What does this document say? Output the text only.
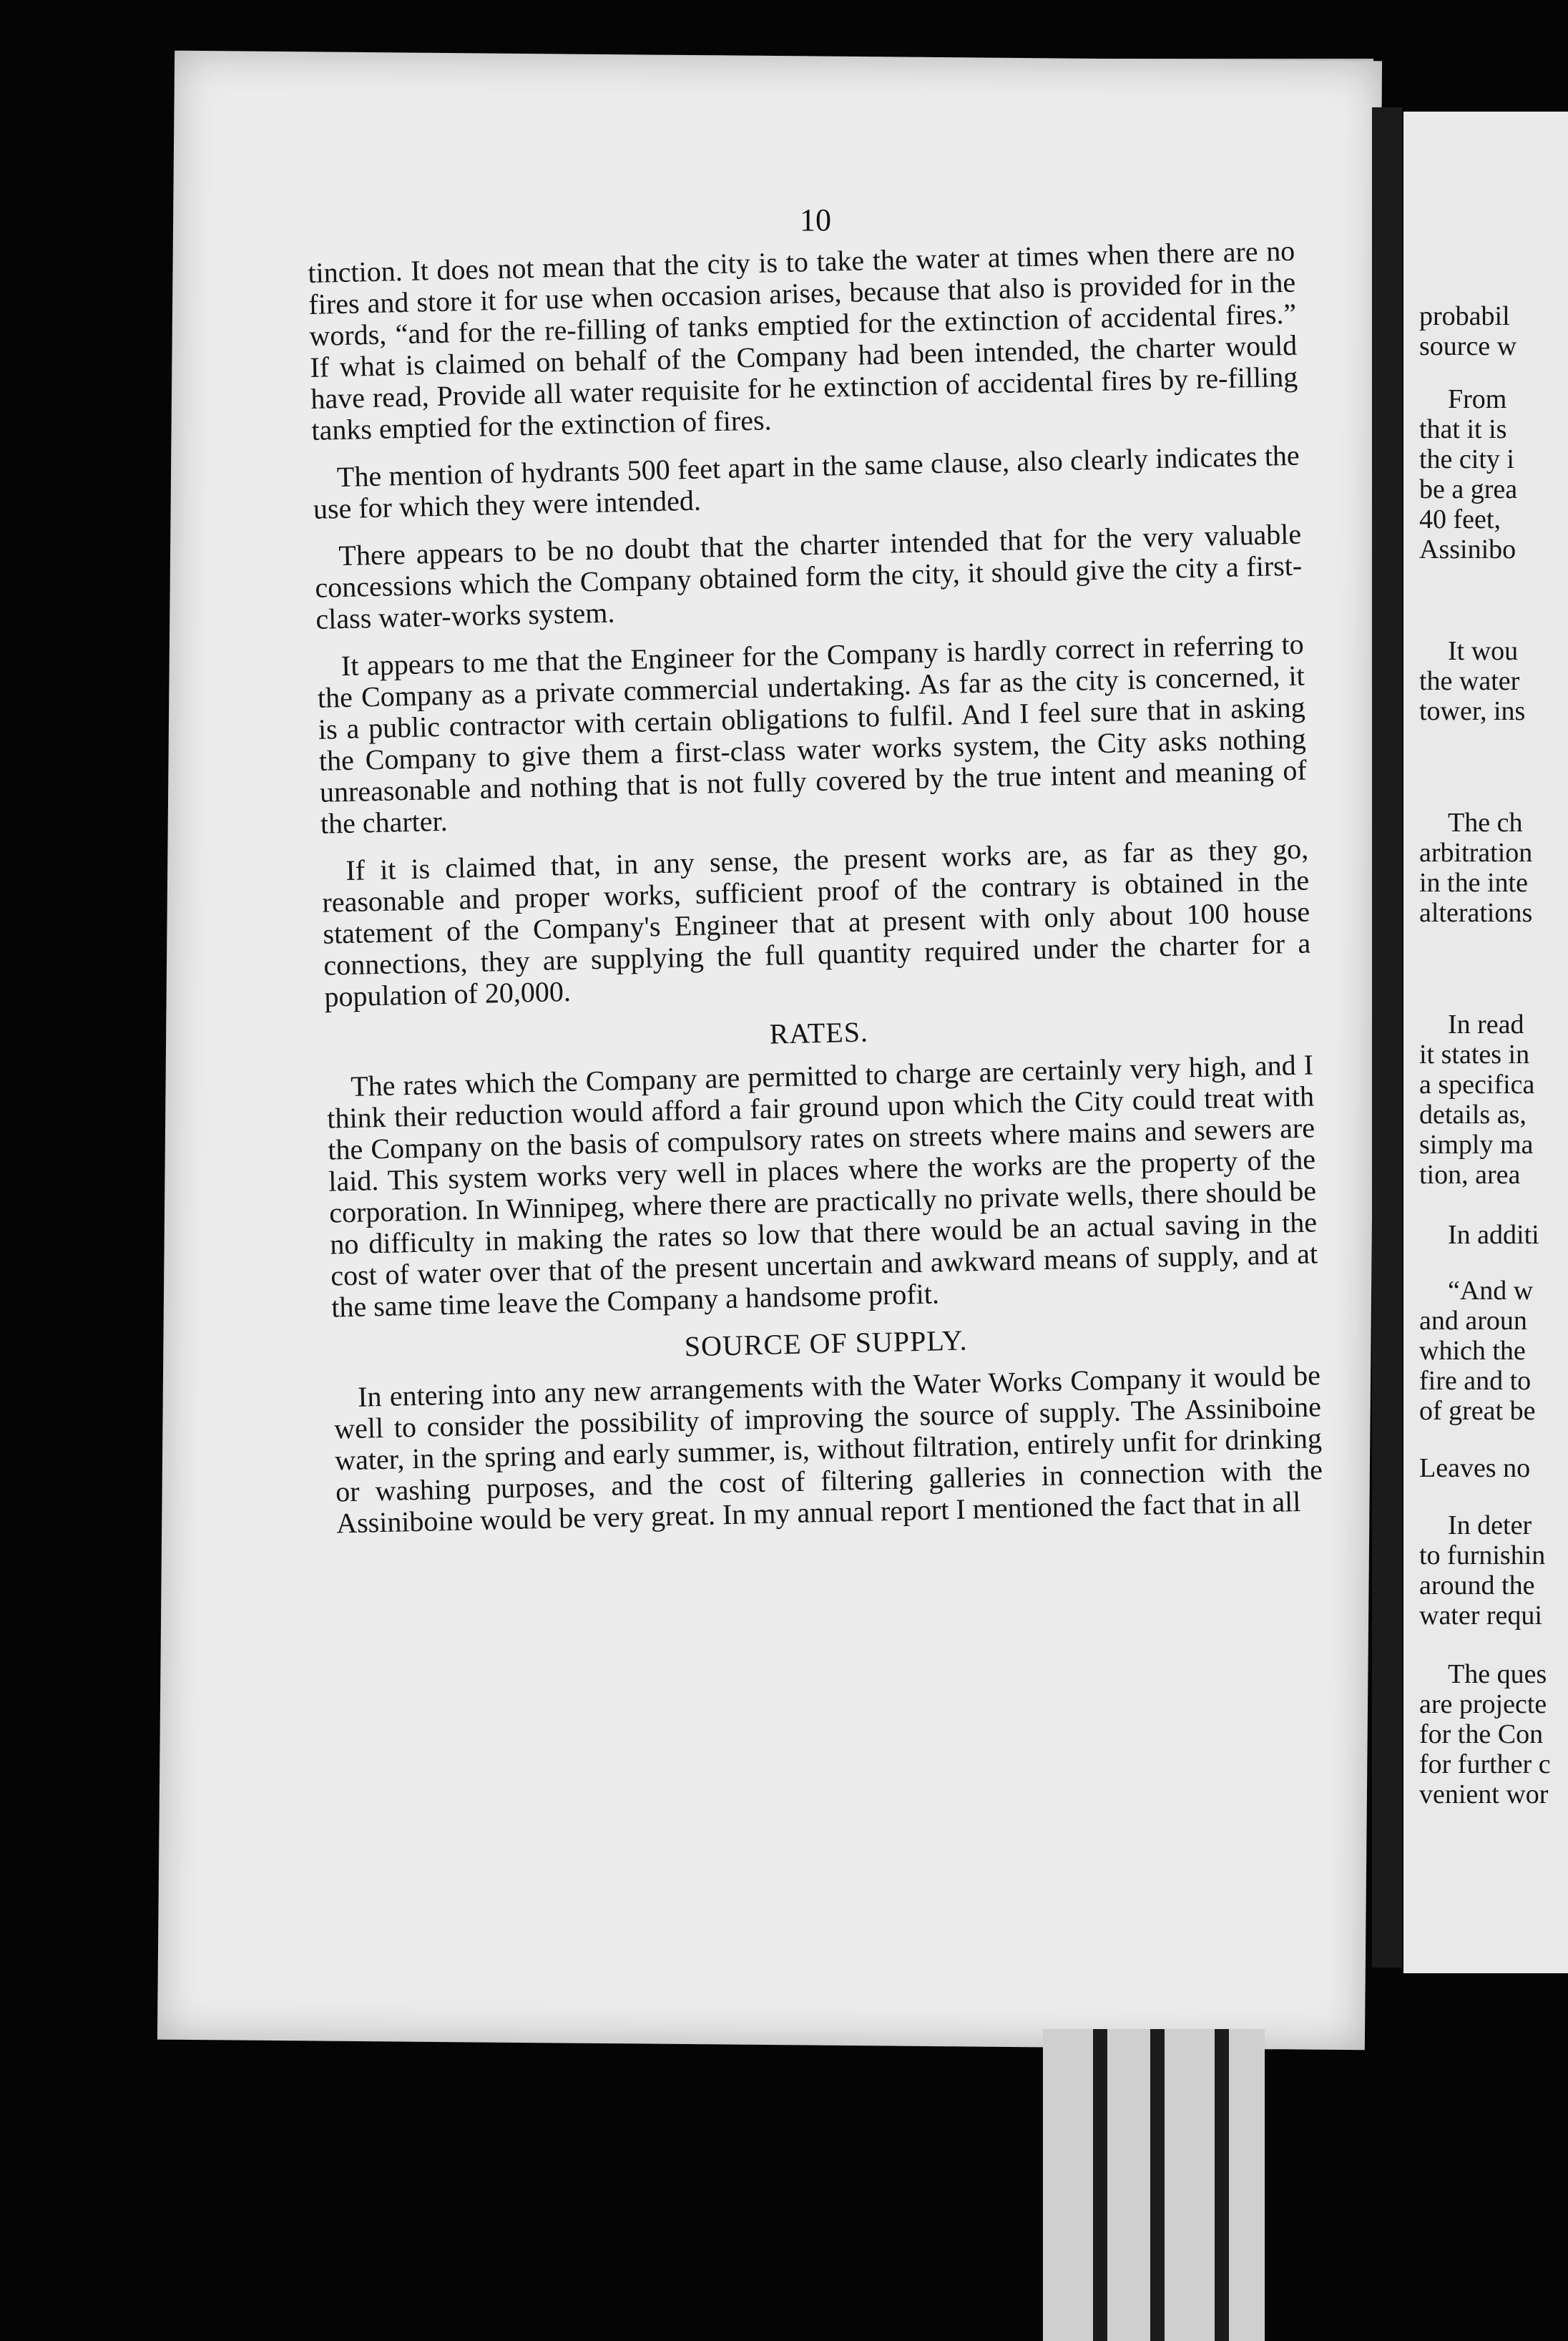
10

tinction. It does not mean that the city is to take the water at times when there are no fires and store it for use when occasion arises, because that also is provided for in the words, “and for the re-filling of tanks emptied for the extinction of accidental fires.” If what is claimed on behalf of the Company had been intended, the charter would have read, Provide all water requisite for he extinction of accidental fires by re-filling tanks emptied for the extinction of fires.

The mention of hydrants 500 feet apart in the same clause, also clearly indicates the use for which they were intended.

There appears to be no doubt that the charter intended that for the very valuable concessions which the Company obtained form the city, it should give the city a first-class water-works system.

It appears to me that the Engineer for the Company is hardly correct in referring to the Company as a private commercial undertaking. As far as the city is concerned, it is a public contractor with certain obligations to fulfil. And I feel sure that in asking the Company to give them a first-class water works system, the City asks nothing unreasonable and nothing that is not fully covered by the true intent and meaning of the charter.

If it is claimed that, in any sense, the present works are, as far as they go, reasonable and proper works, sufficient proof of the contrary is obtained in the statement of the Company's Engineer that at present with only about 100 house connections, they are supplying the full quantity required under the charter for a population of 20,000.

RATES.

The rates which the Company are permitted to charge are certainly very high, and I think their reduction would afford a fair ground upon which the City could treat with the Company on the basis of compulsory rates on streets where mains and sewers are laid. This system works very well in places where the works are the property of the corporation. In Winnipeg, where there are practically no private wells, there should be no difficulty in making the rates so low that there would be an actual saving in the cost of water over that of the present uncertain and awkward means of supply, and at the same time leave the Company a handsome profit.

SOURCE OF SUPPLY.

In entering into any new arrangements with the Water Works Company it would be well to consider the possibility of improving the source of supply. The Assiniboine water, in the spring and early summer, is, without filtration, entirely unfit for drinking or washing purposes, and the cost of filtering galleries in connection with the Assiniboine would be very great. In my annual report I mentioned the fact that in all

probabil
source w
From
that it is
the city i
be a grea
40 feet,
Assinibo
It wou
the water
tower, ins
The ch
arbitration
in the inte
alterations
In read
it states in
a specifica
details as,
simply ma
tion, area
In additi
“And w
and aroun
which the
fire and to
of great be
Leaves no
In deter
to furnishin
around the
water requi
The ques
are projecte
for the Con
for further c
venient wor
